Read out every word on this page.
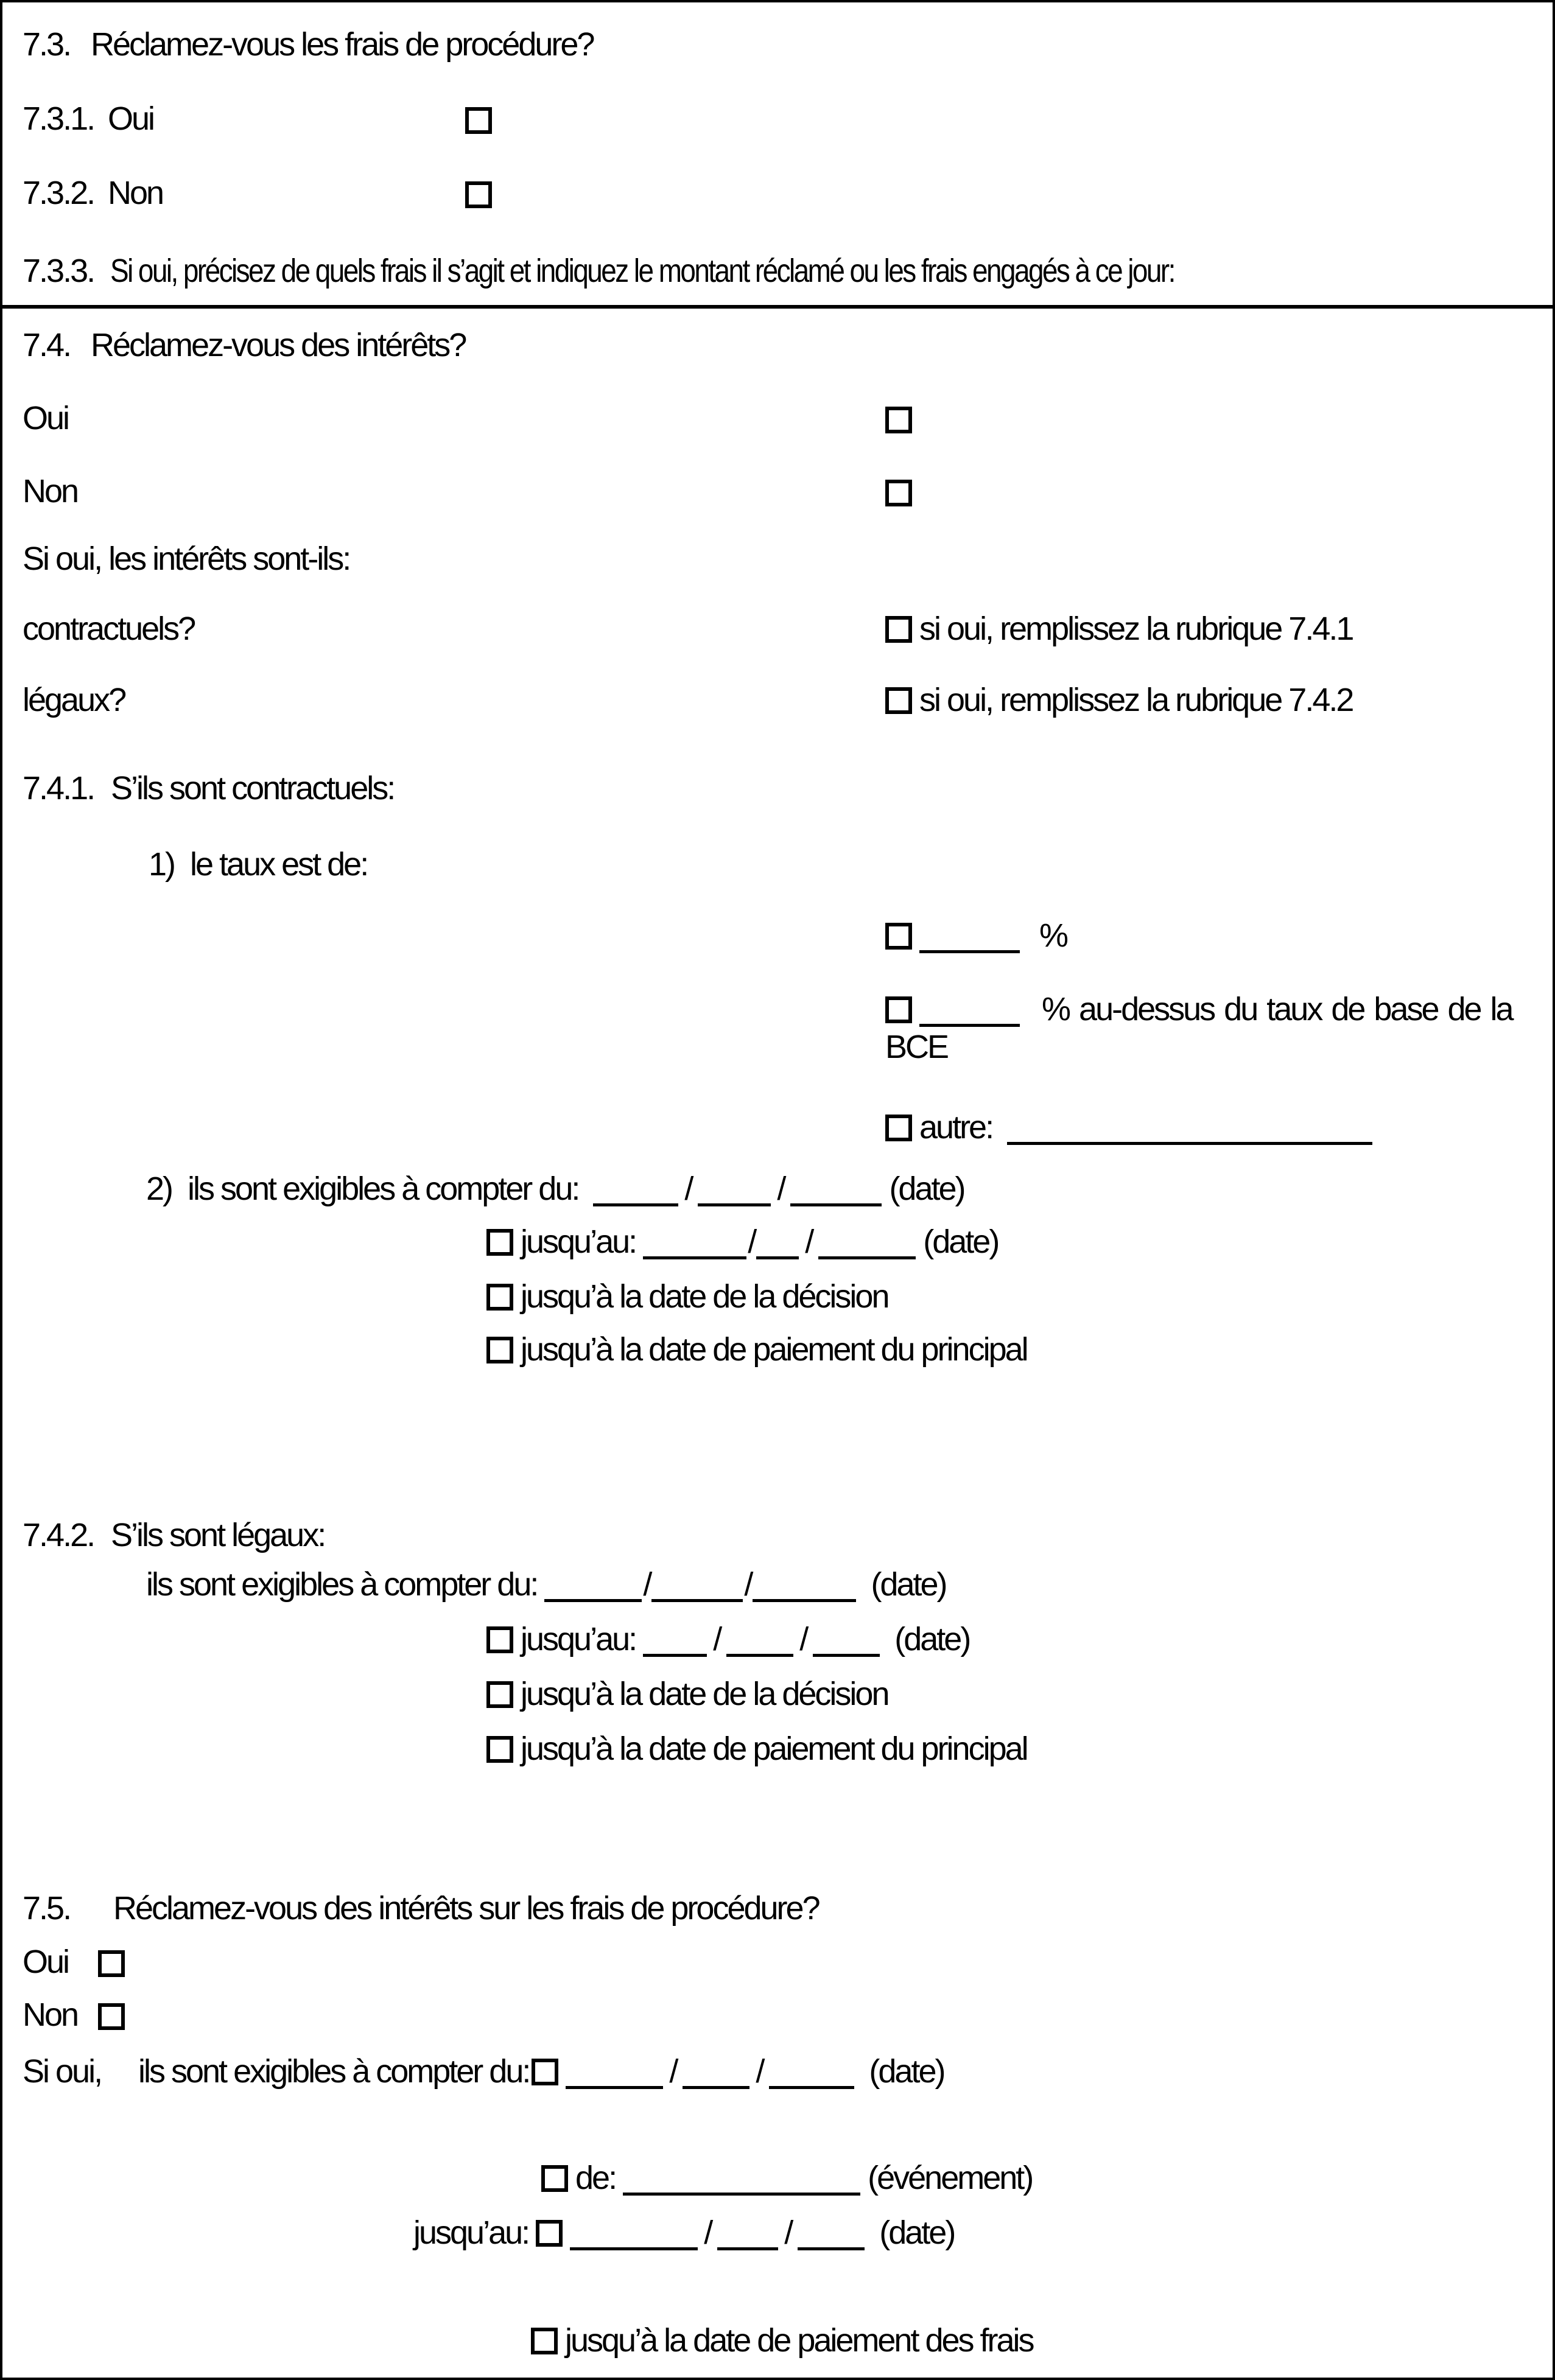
7.3. Réclamez-vous les frais de procédure?
7.3.1. Oui
7.3.2. Non
7.3.3. Si oui, précisez de quels frais il s’agit et indiquez le montant réclamé ou les frais engagés à ce jour:
7.4. Réclamez-vous des intérêts?
Oui
Non
Si oui, les intérêts sont-ils:
contractuels?	si oui, remplissez la rubrique 7.4.1
légaux?	si oui, remplissez la rubrique 7.4.2
7.4.1. S’ils sont contractuels:
1) le taux est de:
%
% au-dessus du taux de base de la
BCE
autre:
2) ils sont exigibles à compter du:	/	/	(date)
jusqu’au:	/ /	(date)
jusqu’à la date de la décision
jusqu’à la date de paiement du principal
7.4.2. S’ils sont légaux:
ils sont exigibles à compter du:	/	/	(date)
jusqu’au: / /	(date)
jusqu’à la date de la décision
jusqu’à la date de paiement du principal
7.5. Réclamez-vous des intérêts sur les frais de procédure?
Oui
Non
Si oui, ils sont exigibles à compter du:	/ /	(date)
de:	(événement)
jusqu’au:	/ /	(date)
jusqu’à la date de paiement des frais
